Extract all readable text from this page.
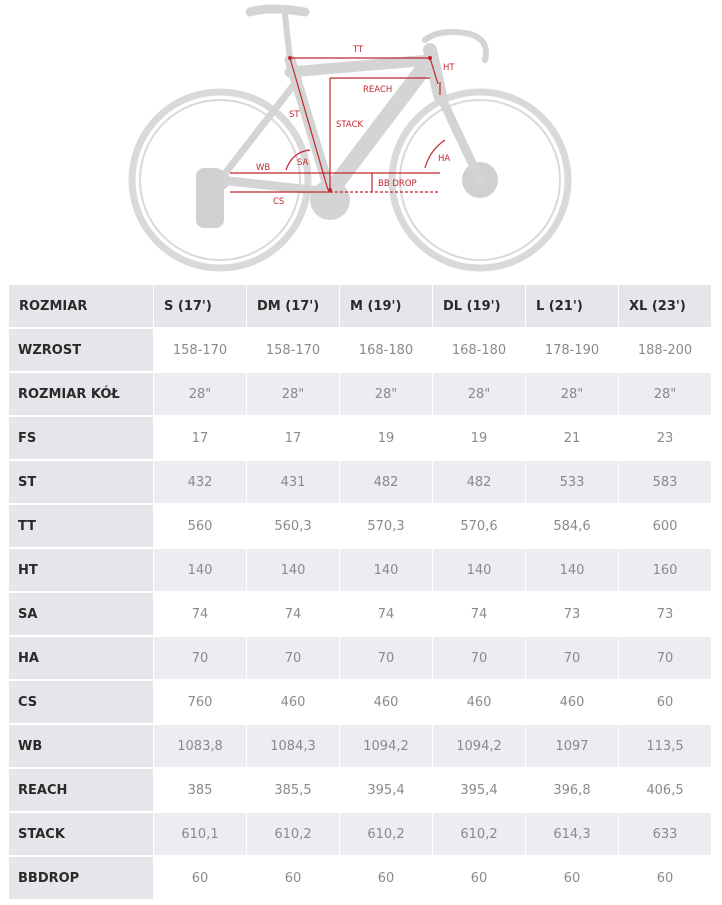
TT
HT
REACH
ST
STACK
SA	HA
WB
BB DROP
CS
ROZMIAR	S (17')	DM (17')	M (19')	DL (19')	L (21')	XL (23')
WZROST	158-170	158-170	168-180	168-180	178-190	188-200
ROZMIAR KÓŁ	28"	28"	28"	28"	28"	28"
FS	17	17	19	19	21	23
ST	432	431	482	482	533	583
TT	560	560,3	570,3	570,6	584,6	600
HT	140	140	140	140	140	160
SA	74	74	74	74	73	73
HA	70	70	70	70	70	70
CS	760	460	460	460	460	60
WB	1083,8	1084,3	1094,2	1094,2	1097	113,5
REACH	385	385,5	395,4	395,4	396,8	406,5
STACK	610,1	610,2	610,2	610,2	614,3	633
BBDROP	60	60	60	60	60	60
